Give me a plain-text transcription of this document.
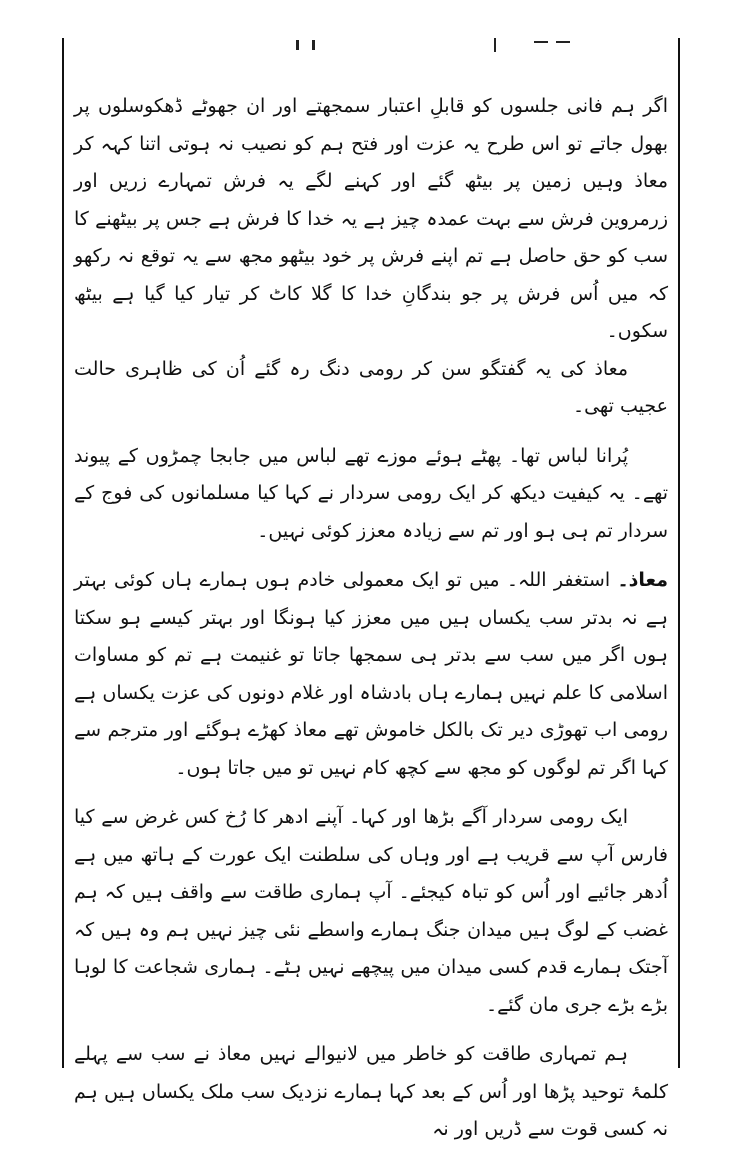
اگر ہم فانی جلسوں کو قابلِ اعتبار سمجھتے اور ان جھوٹے ڈھکوسلوں پر بھول جاتے تو اس طرح یہ عزت اور فتح ہم کو نصیب نہ ہوتی اتنا کہہ کر معاذ وہیں زمین پر بیٹھ گئے اور کہنے لگے یہ فرش تمہارے زریں اور زرمروین فرش سے بہت عمدہ چیز ہے یہ خدا کا فرش ہے جس پر بیٹھنے کا سب کو حق حاصل ہے تم اپنے فرش پر خود بیٹھو مجھ سے یہ توقع نہ رکھو کہ میں اُس فرش پر جو بندگانِ خدا کا گلا کاٹ کر تیار کیا گیا ہے بیٹھ سکوں۔

معاذ کی یہ گفتگو سن کر رومی دنگ رہ گئے اُن کی ظاہری حالت عجیب تھی۔

پُرانا لباس تھا۔ پھٹے ہوئے موزے تھے لباس میں جابجا چمڑوں کے پیوند تھے۔ یہ کیفیت دیکھ کر ایک رومی سردار نے کہا کیا مسلمانوں کی فوج کے سردار تم ہی ہو اور تم سے زیادہ معزز کوئی نہیں۔

معاذ۔ استغفر اللہ۔ میں تو ایک معمولی خادم ہوں ہمارے ہاں کوئی بہتر ہے نہ بدتر سب یکساں ہیں میں معزز کیا ہونگا اور بہتر کیسے ہو سکتا ہوں اگر میں سب سے بدتر ہی سمجھا جاتا تو غنیمت ہے تم کو مساوات اسلامی کا علم نہیں ہمارے ہاں بادشاہ اور غلام دونوں کی عزت یکساں ہے رومی اب تھوڑی دیر تک بالکل خاموش تھے معاذ کھڑے ہوگئے اور مترجم سے کہا اگر تم لوگوں کو مجھ سے کچھ کام نہیں تو میں جاتا ہوں۔

ایک رومی سردار آگے بڑھا اور کہا۔ آپنے ادھر کا رُخ کس غرض سے کیا فارس آپ سے قریب ہے اور وہاں کی سلطنت ایک عورت کے ہاتھ میں ہے اُدھر جائیے اور اُس کو تباہ کیجئے۔ آپ ہماری طاقت سے واقف ہیں کہ ہم غضب کے لوگ ہیں میدان جنگ ہمارے واسطے نئی چیز نہیں ہم وہ ہیں کہ آجتک ہمارے قدم کسی میدان میں پیچھے نہیں ہٹے۔ ہماری شجاعت کا لوہا بڑے بڑے جری مان گئے۔

ہم تمہاری طاقت کو خاطر میں لانیوالے نہیں معاذ نے سب سے پہلے کلمۂ توحید پڑھا اور اُس کے بعد کہا ہمارے نزدیک سب ملک یکساں ہیں ہم نہ کسی قوت سے ڈریں اور نہ
